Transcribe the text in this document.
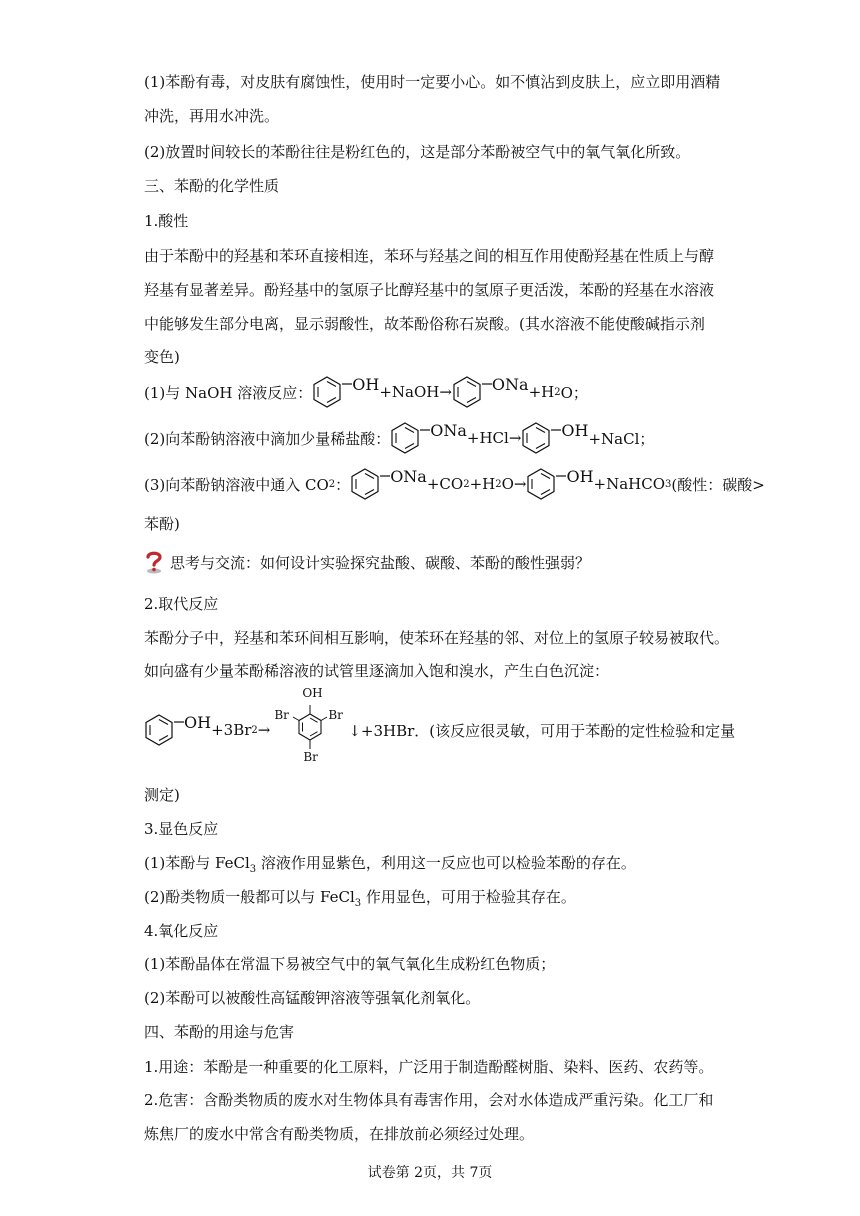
(1)苯酚有毒，对皮肤有腐蚀性，使用时一定要小心。如不慎沾到皮肤上，应立即用酒精
冲洗，再用水冲洗。
(2)放置时间较长的苯酚往往是粉红色的，这是部分苯酚被空气中的氧气氧化所致。
三、苯酚的化学性质
1.酸性
由于苯酚中的羟基和苯环直接相连，苯环与羟基之间的相互作用使酚羟基在性质上与醇
羟基有显著差异。酚羟基中的氢原子比醇羟基中的氢原子更活泼，苯酚的羟基在水溶液
中能够发生部分电离，显示弱酸性，故苯酚俗称石炭酸。(其水溶液不能使酸碱指示剂
变色)
(1)与 NaOH 溶液反应：	OH +NaOH→	ONa +H 2 O；
(2)向苯酚钠溶液中滴加少量稀盐酸：	ONa +HCl→	OH +NaCl；
(3)向苯酚钠溶液中通入 CO 2 ：	ONa +CO 2 +H 2 O→	OH +NaHCO 3 (酸性：碳酸>
苯酚)
思考与交流：如何设计实验探究盐酸、碳酸、苯酚的酸性强弱？
2.取代反应
苯酚分子中，羟基和苯环间相互影响，使苯环在羟基的邻、对位上的氢原子较易被取代。
如向盛有少量苯酚稀溶液的试管里逐滴加入饱和溴水，产生白色沉淀：
OH +3Br 2 →
OH
Br	Br
Br
↓+3HBr．(该反应很灵敏，可用于苯酚的定性检验和定量
测定)
3.显色反应
(1)苯酚与 FeCl$_3$ 溶液作用显紫色，利用这一反应也可以检验苯酚的存在。
(2)酚类物质一般都可以与 FeCl$_3$ 作用显色，可用于检验其存在。
4.氧化反应
(1)苯酚晶体在常温下易被空气中的氧气氧化生成粉红色物质；
(2)苯酚可以被酸性高锰酸钾溶液等强氧化剂氧化。
四、苯酚的用途与危害
1.用途：苯酚是一种重要的化工原料，广泛用于制造酚醛树脂、染料、医药、农药等。
2.危害：含酚类物质的废水对生物体具有毒害作用，会对水体造成严重污染。化工厂和
炼焦厂的废水中常含有酚类物质，在排放前必须经过处理。
试卷第 2页，共 7页
